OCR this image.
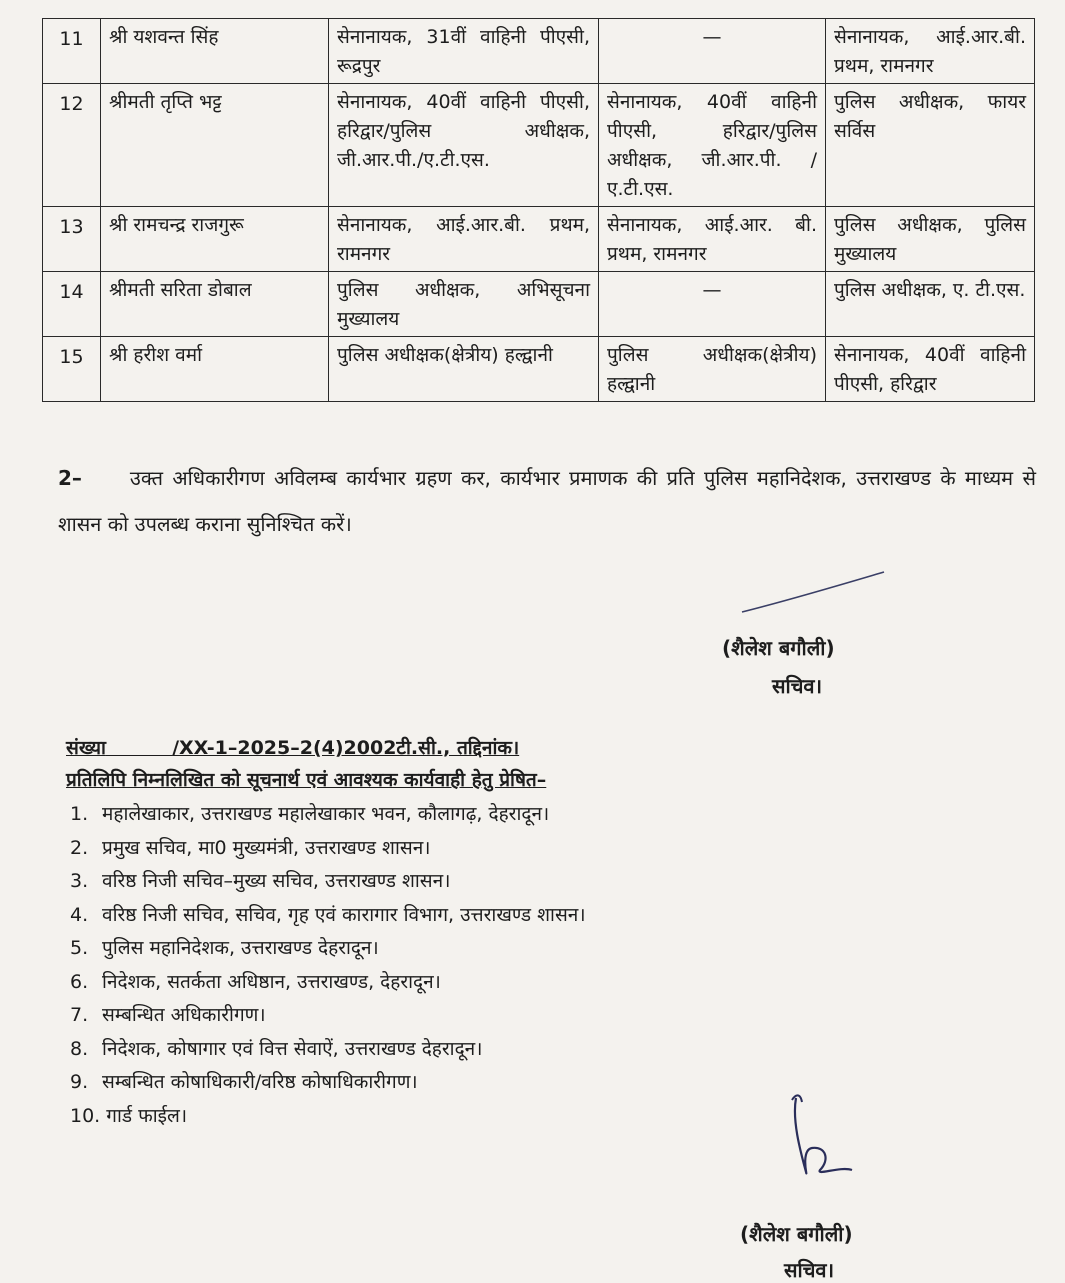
11	श्री यशवन्त सिंह	सेनानायक, 31वीं वाहिनी पीएसी, रूद्रपुर	—	सेनानायक, आई.आर.बी. प्रथम, रामनगर
12	श्रीमती तृप्ति भट्ट	सेनानायक, 40वीं वाहिनी पीएसी, हरिद्वार/पुलिस अधीक्षक, जी.आर.पी./ए.टी.एस.	सेनानायक, 40वीं वाहिनी पीएसी, हरिद्वार/पुलिस अधीक्षक, जी.आर.पी. /ए.टी.एस.	पुलिस अधीक्षक, फायर सर्विस
13	श्री रामचन्द्र राजगुरू	सेनानायक, आई.आर.बी. प्रथम, रामनगर	सेनानायक, आई.आर. बी. प्रथम, रामनगर	पुलिस अधीक्षक, पुलिस मुख्यालय
14	श्रीमती सरिता डोबाल	पुलिस अधीक्षक, अभिसूचना मुख्यालय	—	पुलिस अधीक्षक, ए. टी.एस.
15	श्री हरीश वर्मा	पुलिस अधीक्षक(क्षेत्रीय) हल्द्वानी	पुलिस अधीक्षक(क्षेत्रीय) हल्द्वानी	सेनानायक, 40वीं वाहिनी पीएसी, हरिद्वार
2– उक्त अधिकारीगण अविलम्ब कार्यभार ग्रहण कर, कार्यभार प्रमाणक की प्रति पुलिस महानिदेशक, उत्तराखण्ड के माध्यम से शासन को उपलब्ध कराना सुनिश्चित करें।
(शैलेश बगौली)
सचिव।
संख्या	/XX-1–2025–2(4)2002टी.सी., तद्दिनांक।
प्रतिलिपि निम्नलिखित को सूचनार्थ एवं आवश्यक कार्यवाही हेतु प्रेषित–
1. महालेखाकार, उत्तराखण्ड महालेखाकार भवन, कौलागढ़, देहरादून।
2. प्रमुख सचिव, मा0 मुख्यमंत्री, उत्तराखण्ड शासन।
3. वरिष्ठ निजी सचिव–मुख्य सचिव, उत्तराखण्ड शासन।
4. वरिष्ठ निजी सचिव, सचिव, गृह एवं कारागार विभाग, उत्तराखण्ड शासन।
5. पुलिस महानिदेशक, उत्तराखण्ड देहरादून।
6. निदेशक, सतर्कता अधिष्ठान, उत्तराखण्ड, देहरादून।
7. सम्बन्धित अधिकारीगण।
8. निदेशक, कोषागार एवं वित्त सेवाऐं, उत्तराखण्ड देहरादून।
9. सम्बन्धित कोषाधिकारी/वरिष्ठ कोषाधिकारीगण।
10. गार्ड फाईल।
(शैलेश बगौली)
सचिव।
